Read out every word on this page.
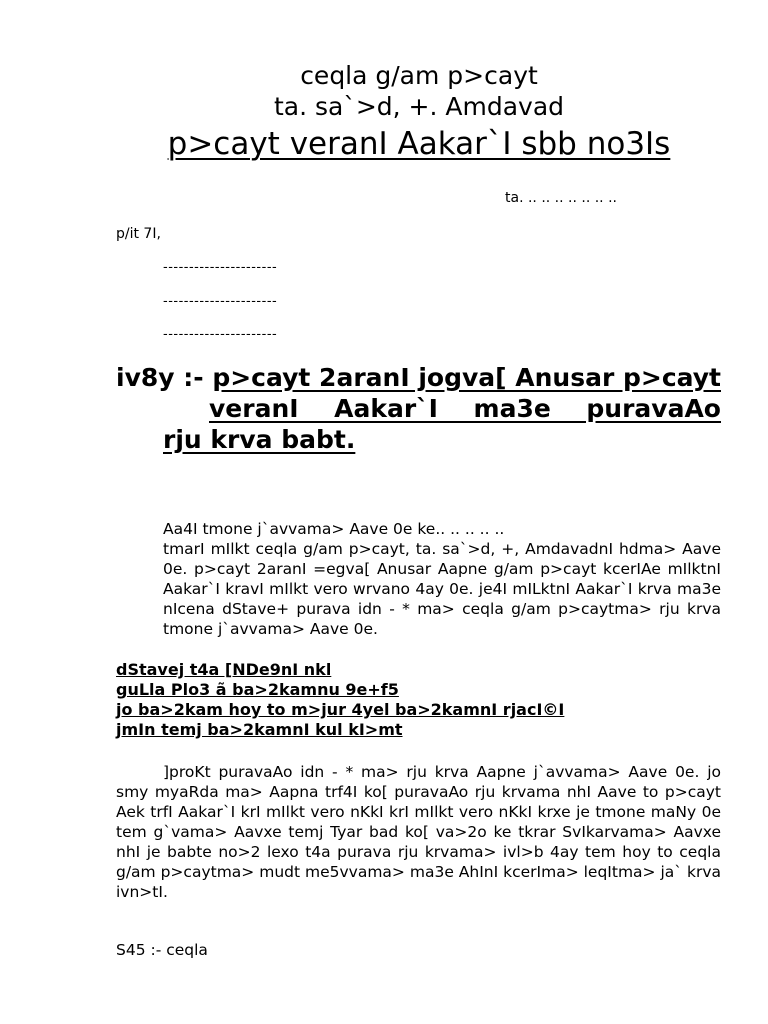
ceqla g/am p>cayt
ta. sa`>d, +. Amdavad
p>cayt veranI Aakar`I sbb no3Is
ta. .. .. .. .. .. .. ..
p/it 7I,
----------------------
----------------------
----------------------
iv8y :- p>cayt 2aranI jogva[ Anusar p>cayt
veranI Aakar`I ma3e puravaAo
rju krva babt.
Aa4I tmone j`avvama> Aave 0e ke.. .. .. .. ..
tmarI mIlkt ceqla g/am p>cayt, ta. sa`>d, +, AmdavadnI hdma> Aave 0e. p>cayt 2aranI =egva[ Anusar Aapne g/am p>cayt kcerIAe mIlktnI Aakar`I kravI mIlkt vero wrvano 4ay 0e. je4I mILktnI Aakar`I krva ma3e nIcena dStave+ purava idn - * ma> ceqla g/am p>caytma> rju krva tmone j`avvama> Aave 0e.
dStavej t4a [NDe9nI nkl
guLla Plo3 ã ba>2kamnu 9e+f5
jo ba>2kam hoy to m>jur 4yel ba>2kamnI rjacI©I
jmIn temj ba>2kamnI kul kI>mt
]proKt puravaAo idn - * ma> rju krva Aapne j`avvama> Aave 0e. jo smy myaRda ma> Aapna trf4I ko[ puravaAo rju krvama nhI Aave to p>cayt Aek trfI Aakar`I krI mIlkt vero nKkI krI mIlkt vero nKkI krxe je tmone maNy 0e tem g`vama> Aavxe temj Tyar bad ko[ va>2o ke tkrar SvIkarvama> Aavxe nhI je babte no>2 lexo t4a purava rju krvama> ivl>b 4ay tem hoy to ceqla g/am p>caytma> mudt me5vvama> ma3e AhInI kcerIma> leqItma> ja` krva ivn>tI.
S45 :- ceqla
